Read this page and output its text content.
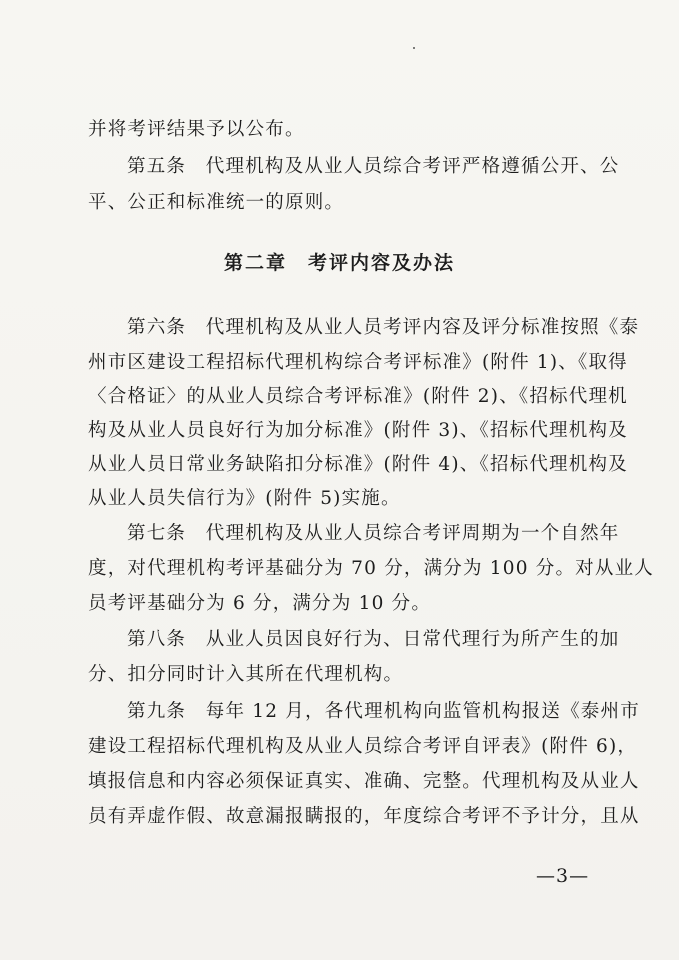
并将考评结果予以公布。
第五条　代理机构及从业人员综合考评严格遵循公开、公
平、公正和标准统一的原则。
第二章　考评内容及办法
第六条　代理机构及从业人员考评内容及评分标准按照《泰
州市区建设工程招标代理机构综合考评标准》(附件 1)、《取得
〈合格证〉的从业人员综合考评标准》(附件 2)、《招标代理机
构及从业人员良好行为加分标准》(附件 3)、《招标代理机构及
从业人员日常业务缺陷扣分标准》(附件 4)、《招标代理机构及
从业人员失信行为》(附件 5)实施。
第七条　代理机构及从业人员综合考评周期为一个自然年
度，对代理机构考评基础分为 70 分，满分为 100 分。对从业人
员考评基础分为 6 分，满分为 10 分。
第八条　从业人员因良好行为、日常代理行为所产生的加
分、扣分同时计入其所在代理机构。
第九条　每年 12 月，各代理机构向监管机构报送《泰州市
建设工程招标代理机构及从业人员综合考评自评表》(附件 6)，
填报信息和内容必须保证真实、准确、完整。代理机构及从业人
员有弄虚作假、故意漏报瞒报的，年度综合考评不予计分，且从
—3—
